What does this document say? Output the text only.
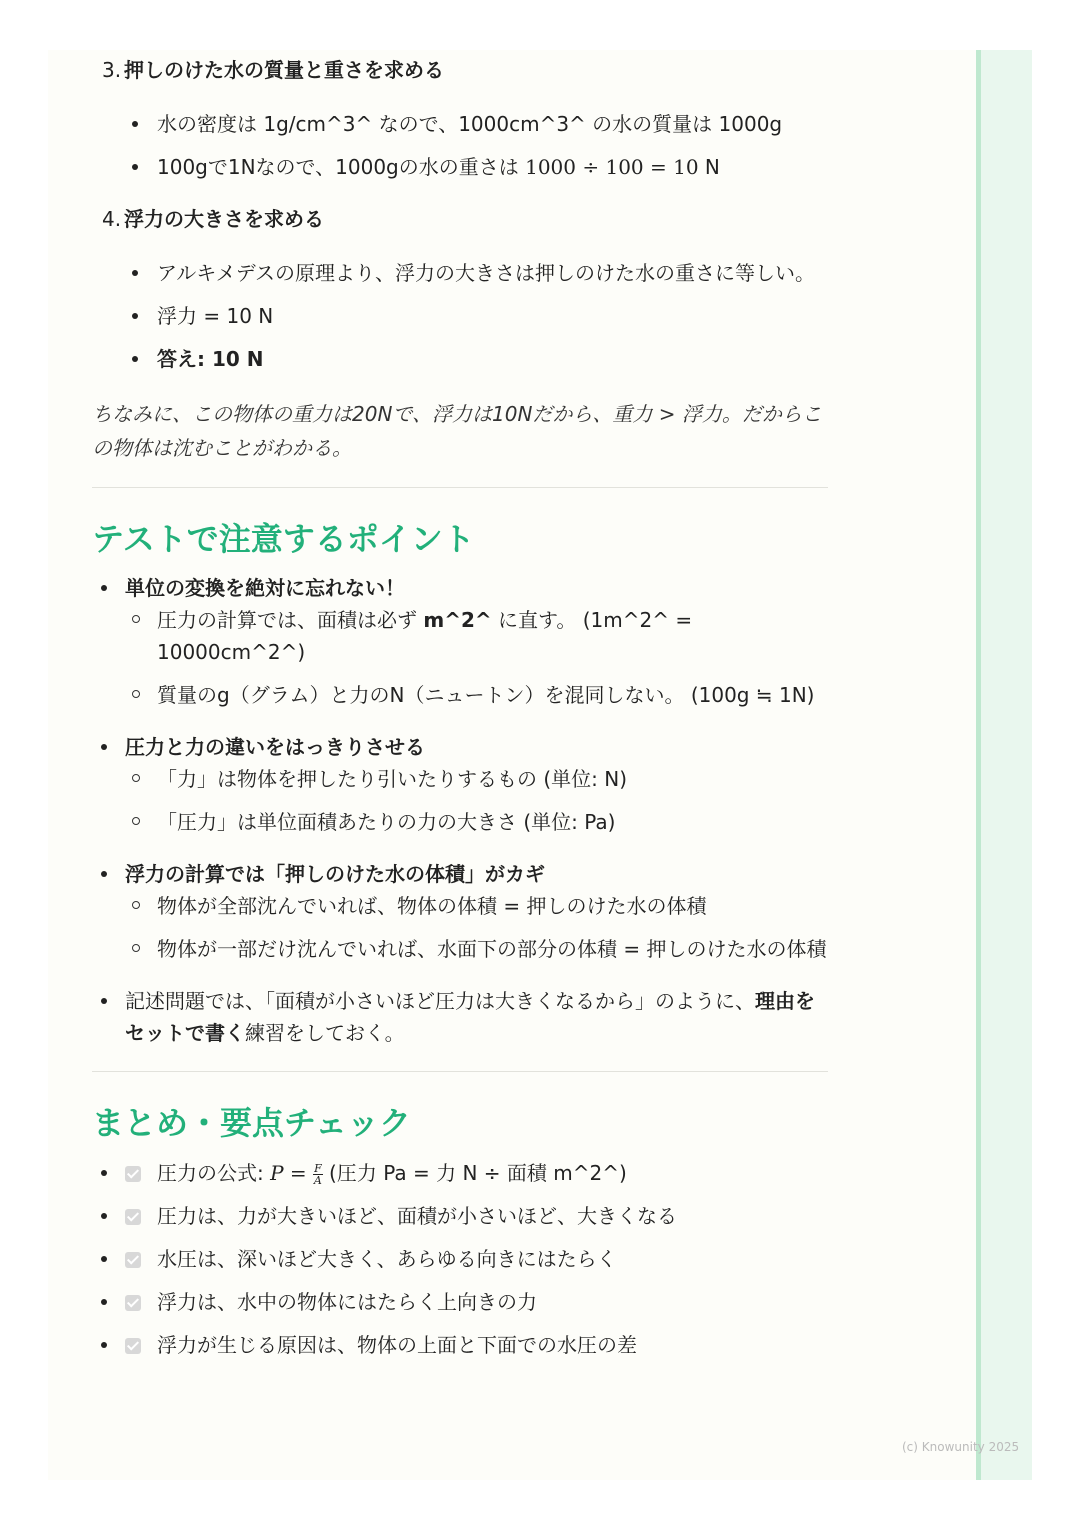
3. 押しのけた水の質量と重さを求める
水の密度は 1g/cm^3^ なので、1000cm^3^ の水の質量は 1000g
100gで1Nなので、1000gの水の重さは 1000 ÷ 100 = 10 N
4. 浮力の大きさを求める
アルキメデスの原理より、浮力の大きさは押しのけた水の重さに等しい。
浮力 = 10 N
答え: 10 N

ちなみに、この物体の重力は20Nで、浮力は10Nだから、重力 > 浮力。だからこの物体は沈むことがわかる。

テストで注意するポイント
単位の変換を絶対に忘れない！
圧力の計算では、面積は必ず m^2^ に直す。 (1m^2^ = 10000cm^2^)
質量のg（グラム）と力のN（ニュートン）を混同しない。 (100g ≒ 1N)
圧力と力の違いをはっきりさせる
「力」は物体を押したり引いたりするもの (単位: N)
「圧力」は単位面積あたりの力の大きさ (単位: Pa)
浮力の計算では「押しのけた水の体積」がカギ
物体が全部沈んでいれば、物体の体積 = 押しのけた水の体積
物体が一部だけ沈んでいれば、水面下の部分の体積 = 押しのけた水の体積
記述問題では、「面積が小さいほど圧力は大きくなるから」のように、理由をセットで書く練習をしておく。
まとめ・要点チェック
圧力の公式: $P = \frac{F}{A}$ (圧力 Pa = 力 N ÷ 面積 m^2^)
圧力は、力が大きいほど、面積が小さいほど、大きくなる
水圧は、深いほど大きく、あらゆる向きにはたらく
浮力は、水中の物体にはたらく上向きの力
浮力が生じる原因は、物体の上面と下面での水圧の差
(c) Knowunity 2025
